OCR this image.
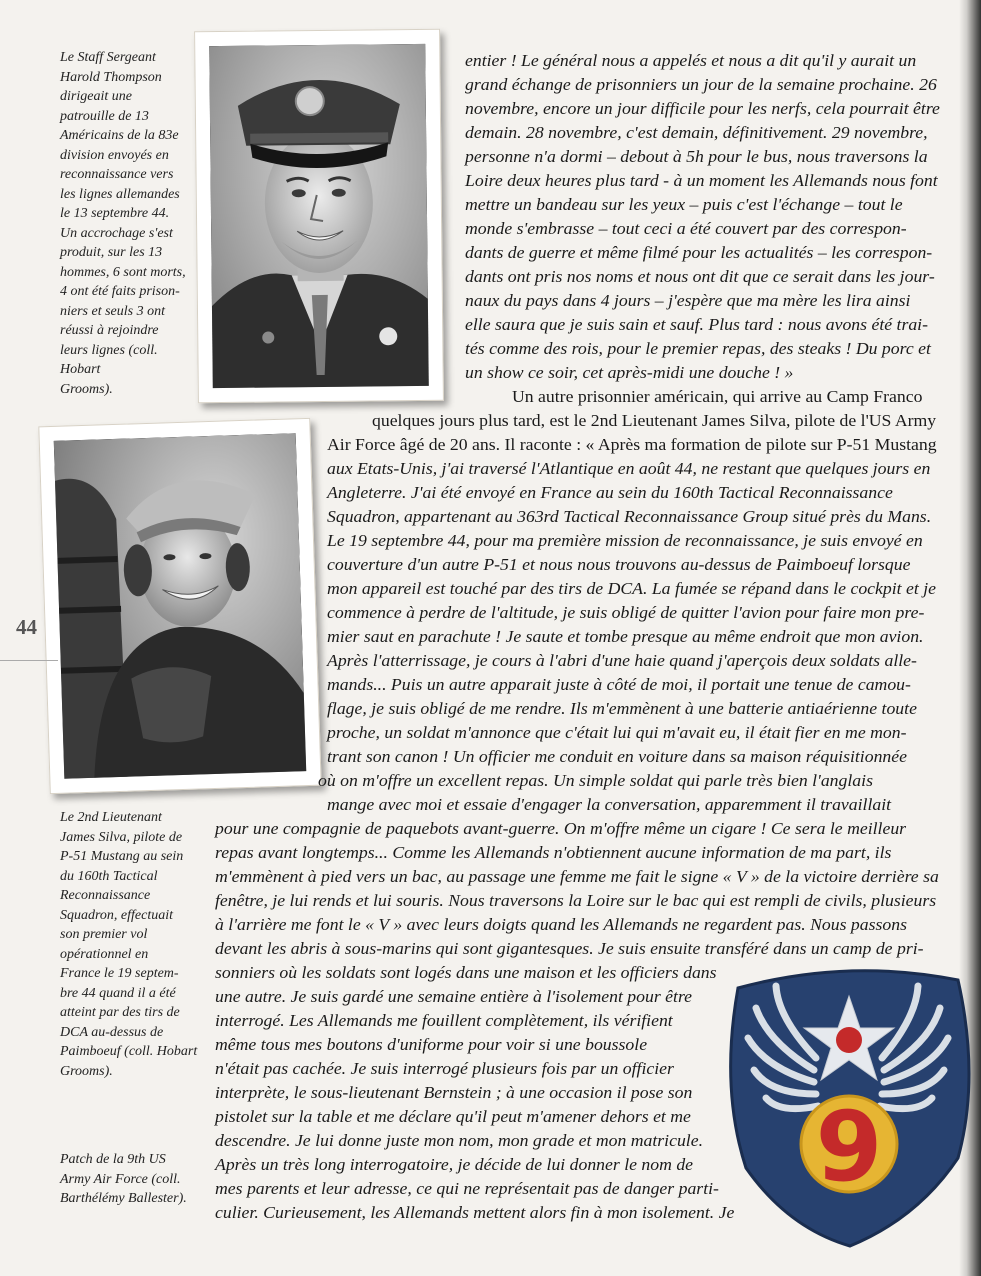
Le Staff Sergeant
Harold Thompson
dirigeait une
patrouille de 13
Américains de la 83e
division envoyés en
reconnaissance vers
les lignes allemandes
le 13 septembre 44.
Un accrochage s'est
produit, sur les 13
hommes, 6 sont morts,
4 ont été faits prison-
niers et seuls 3 ont
réussi à rejoindre
leurs lignes (coll. Hobart
Grooms).
44
Le 2nd Lieutenant
James Silva, pilote de
P-51 Mustang au sein
du 160th Tactical
Reconnaissance
Squadron, effectuait
son premier vol
opérationnel en
France le 19 septem-
bre 44 quand il a été
atteint par des tirs de
DCA au-dessus de
Paimboeuf (coll. Hobart
Grooms).
Patch de la 9th US
Army Air Force (coll.
Barthélémy Ballester).
entier ! Le général nous a appelés et nous a dit qu'il y aurait un
grand échange de prisonniers un jour de la semaine prochaine. 26
novembre, encore un jour difficile pour les nerfs, cela pourrait être
demain. 28 novembre, c'est demain, définitivement. 29 novembre,
personne n'a dormi – debout à 5h pour le bus, nous traversons la
Loire deux heures plus tard - à un moment les Allemands nous font
mettre un bandeau sur les yeux – puis c'est l'échange – tout le
monde s'embrasse – tout ceci a été couvert par des correspon-
dants de guerre et même filmé pour les actualités – les correspon-
dants ont pris nos noms et nous ont dit que ce serait dans les jour-
naux du pays dans 4 jours – j'espère que ma mère les lira ainsi
elle saura que je suis sain et sauf. Plus tard : nous avons été trai-
tés comme des rois, pour le premier repas, des steaks ! Du porc et
un show ce soir, cet après-midi une douche ! »
Un autre prisonnier américain, qui arrive au Camp Franco
quelques jours plus tard, est le 2nd Lieutenant James Silva, pilote de l'US Army
Air Force âgé de 20 ans. Il raconte : « Après ma formation de pilote sur P-51 Mustang
aux Etats-Unis, j'ai traversé l'Atlantique en août 44, ne restant que quelques jours en
Angleterre. J'ai été envoyé en France au sein du 160th Tactical Reconnaissance
Squadron, appartenant au 363rd Tactical Reconnaissance Group situé près du Mans.
Le 19 septembre 44, pour ma première mission de reconnaissance, je suis envoyé en
couverture d'un autre P-51 et nous nous trouvons au-dessus de Paimboeuf lorsque
mon appareil est touché par des tirs de DCA. La fumée se répand dans le cockpit et je
commence à perdre de l'altitude, je suis obligé de quitter l'avion pour faire mon pre-
mier saut en parachute ! Je saute et tombe presque au même endroit que mon avion.
Après l'atterrissage, je cours à l'abri d'une haie quand j'aperçois deux soldats alle-
mands... Puis un autre apparait juste à côté de moi, il portait une tenue de camou-
flage, je suis obligé de me rendre. Ils m'emmènent à une batterie antiaérienne toute
proche, un soldat m'annonce que c'était lui qui m'avait eu, il était fier en me mon-
trant son canon ! Un officier me conduit en voiture dans sa maison réquisitionnée
où on m'offre un excellent repas. Un simple soldat qui parle très bien l'anglais
mange avec moi et essaie d'engager la conversation, apparemment il travaillait
pour une compagnie de paquebots avant-guerre. On m'offre même un cigare ! Ce sera le meilleur
repas avant longtemps... Comme les Allemands n'obtiennent aucune information de ma part, ils
m'emmènent à pied vers un bac, au passage une femme me fait le signe « V » de la victoire derrière sa
fenêtre, je lui rends et lui souris. Nous traversons la Loire sur le bac qui est rempli de civils, plusieurs
à l'arrière me font le « V » avec leurs doigts quand les Allemands ne regardent pas. Nous passons
devant les abris à sous-marins qui sont gigantesques. Je suis ensuite transféré dans un camp de pri-
sonniers où les soldats sont logés dans une maison et les officiers dans
une autre. Je suis gardé une semaine entière à l'isolement pour être
interrogé. Les Allemands me fouillent complètement, ils vérifient
même tous mes boutons d'uniforme pour voir si une boussole
n'était pas cachée. Je suis interrogé plusieurs fois par un officier
interprète, le sous-lieutenant Bernstein ; à une occasion il pose son
pistolet sur la table et me déclare qu'il peut m'amener dehors et me
descendre. Je lui donne juste mon nom, mon grade et mon matricule.
Après un très long interrogatoire, je décide de lui donner le nom de
mes parents et leur adresse, ce qui ne représentait pas de danger parti-
culier. Curieusement, les Allemands mettent alors fin à mon isolement. Je
9
